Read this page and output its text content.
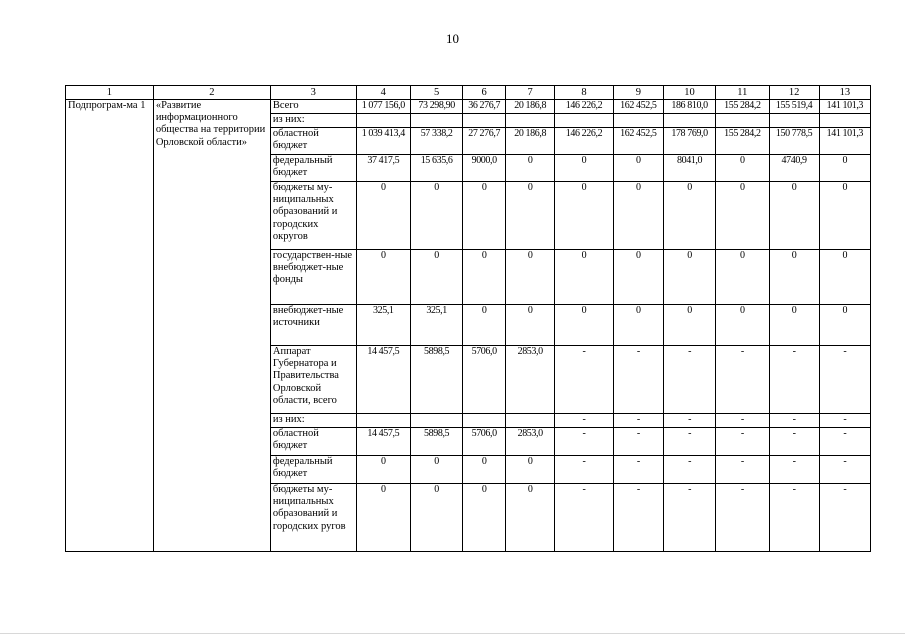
10
1	2	3	4	5	6	7	8	9	10	11	12	13
Подпрограм-ма 1	«Развитие информационного общества на территории Орловской области»	Всего	1 077 156,0	73 298,90	36 276,7	20 186,8	146 226,2	162 452,5	186 810,0	155 284,2	155 519,4	141 101,3
		из них:										
		областной бюджет	1 039 413,4	57 338,2	27 276,7	20 186,8	146 226,2	162 452,5	178 769,0	155 284,2	150 778,5	141 101,3
		федеральный бюджет	37 417,5	15 635,6	9000,0	0	0	0	8041,0	0	4740,9	0
		бюджеты му-ниципальных образований и городских округов	0	0	0	0	0	0	0	0	0	0
		государствен-ные внебюджет-ные фонды	0	0	0	0	0	0	0	0	0	0
		внебюджет-ные источники	325,1	325,1	0	0	0	0	0	0	0	0
		Аппарат Губернатора и Правительства Орловской области, всего	14 457,5	5898,5	5706,0	2853,0	-	-	-	-	-	-
		из них:					-	-	-	-	-	-
		областной бюджет	14 457,5	5898,5	5706,0	2853,0	-	-	-	-	-	-
		федеральный бюджет	0	0	0	0	-	-	-	-	-	-
		бюджеты му-ниципальных образований и городских ругов	0	0	0	0	-	-	-	-	-	-
